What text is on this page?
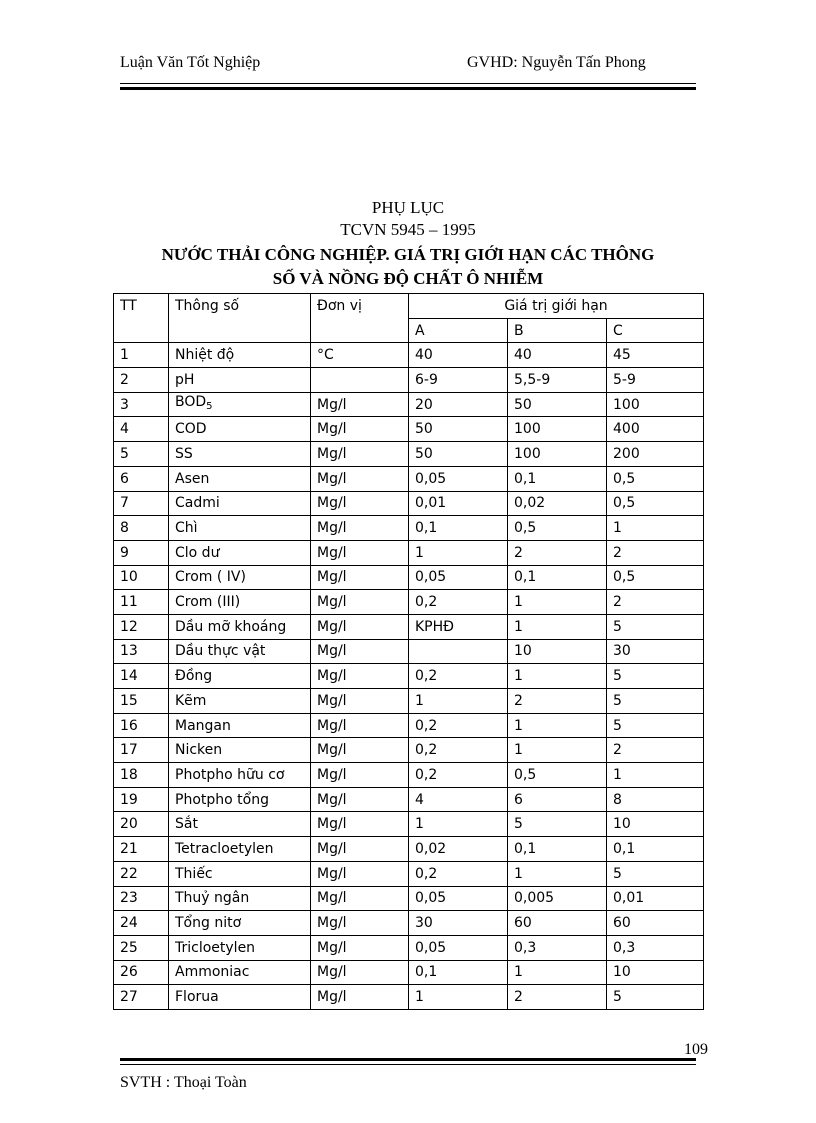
Luận Văn Tốt Nghiệp	GVHD: Nguyễn Tấn Phong
PHỤ LỤC
TCVN 5945 – 1995
NƯỚC THẢI CÔNG NGHIỆP. GIÁ TRỊ GIỚI HẠN CÁC THÔNG
SỐ VÀ NỒNG ĐỘ CHẤT Ô NHIỄM
TT	Thông số	Đơn vị	Giá trị giới hạn		
			A	B	C
1	Nhiệt độ	°C	40	40	45
2	pH		6-9	5,5-9	5-9
3	$BOD_5$	Mg/l	20	50	100
4	COD	Mg/l	50	100	400
5	SS	Mg/l	50	100	200
6	Asen	Mg/l	0,05	0,1	0,5
7	Cadmi	Mg/l	0,01	0,02	0,5
8	Chì	Mg/l	0,1	0,5	1
9	Clo dư	Mg/l	1	2	2
10	Crom ( IV)	Mg/l	0,05	0,1	0,5
11	Crom (III)	Mg/l	0,2	1	2
12	Dầu mỡ khoáng	Mg/l	KPHĐ	1	5
13	Dầu thực vật	Mg/l		10	30
14	Đồng	Mg/l	0,2	1	5
15	Kẽm	Mg/l	1	2	5
16	Mangan	Mg/l	0,2	1	5
17	Nicken	Mg/l	0,2	1	2
18	Photpho hữu cơ	Mg/l	0,2	0,5	1
19	Photpho tổng	Mg/l	4	6	8
20	Sắt	Mg/l	1	5	10
21	Tetracloetylen	Mg/l	0,02	0,1	0,1
22	Thiếc	Mg/l	0,2	1	5
23	Thuỷ ngân	Mg/l	0,05	0,005	0,01
24	Tổng nitơ	Mg/l	30	60	60
25	Tricloetylen	Mg/l	0,05	0,3	0,3
26	Ammoniac	Mg/l	0,1	1	10
27	Florua	Mg/l	1	2	5
109
SVTH : Thoại Toàn
